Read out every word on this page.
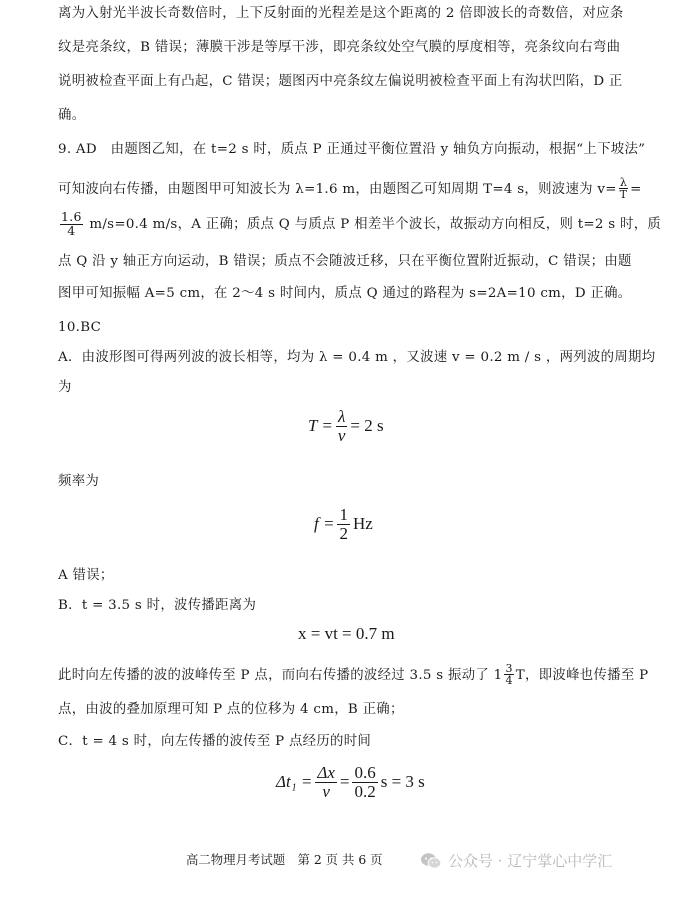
离为入射光半波长奇数倍时，上下反射面的光程差是这个距离的 2 倍即波长的奇数倍，对应条
纹是亮条纹，B 错误；薄膜干涉是等厚干涉，即亮条纹处空气膜的厚度相等，亮条纹向右弯曲
说明被检查平面上有凸起，C 错误；题图丙中亮条纹左偏说明被检查平面上有沟状凹陷，D 正
确。
9. AD　由题图乙知，在 t=2 s 时，质点 P 正通过平衡位置沿 y 轴负方向振动，根据“上下坡法”
可知波向右传播，由题图甲可知波长为 λ=1.6 m，由题图乙可知周期 T=4 s，则波速为 $v= \frac{\lambda}{T}$ =
$\frac{1.6}{4} m/s=0.4$ m/s，A 正确；质点 Q 与质点 P 相差半个波长，故振动方向相反，则 t=2 s 时，质
点 Q 沿 y 轴正方向运动，B 错误；质点不会随波迁移，只在平衡位置附近振动，C 错误；由题
图甲可知振幅 A=5 cm，在 2～4 s 时间内，质点 Q 通过的路程为 s=2A=10 cm，D 正确。
10.BC
A．由波形图可得两列波的波长相等，均为 λ = 0.4 m ，又波速 v = 0.2 m / s ，两列波的周期均
为
$T = \frac{\lambda}{v} = 2$ s
频率为
$f = \frac{1}{2}$ Hz
A 错误；
B．t = 3.5 s 时，波传播距离为
x = vt = 0.7 m
此时向左传播的波的波峰传至 P 点，而向右传播的波经过 3.5 s 振动了 $1 \frac{3}{4}$ T，即波峰也传播至 P
点，由波的叠加原理可知 P 点的位移为 4 cm，B 正确；
C．t = 4 s 时，向左传播的波传至 P 点经历的时间
$\Delta t_1 = \frac{\Delta x}{v} = \frac{0.6}{0.2}$ s = 3 s
高二物理月考试题　第 2 页 共 6 页	公众号 · 辽宁掌心中学汇
